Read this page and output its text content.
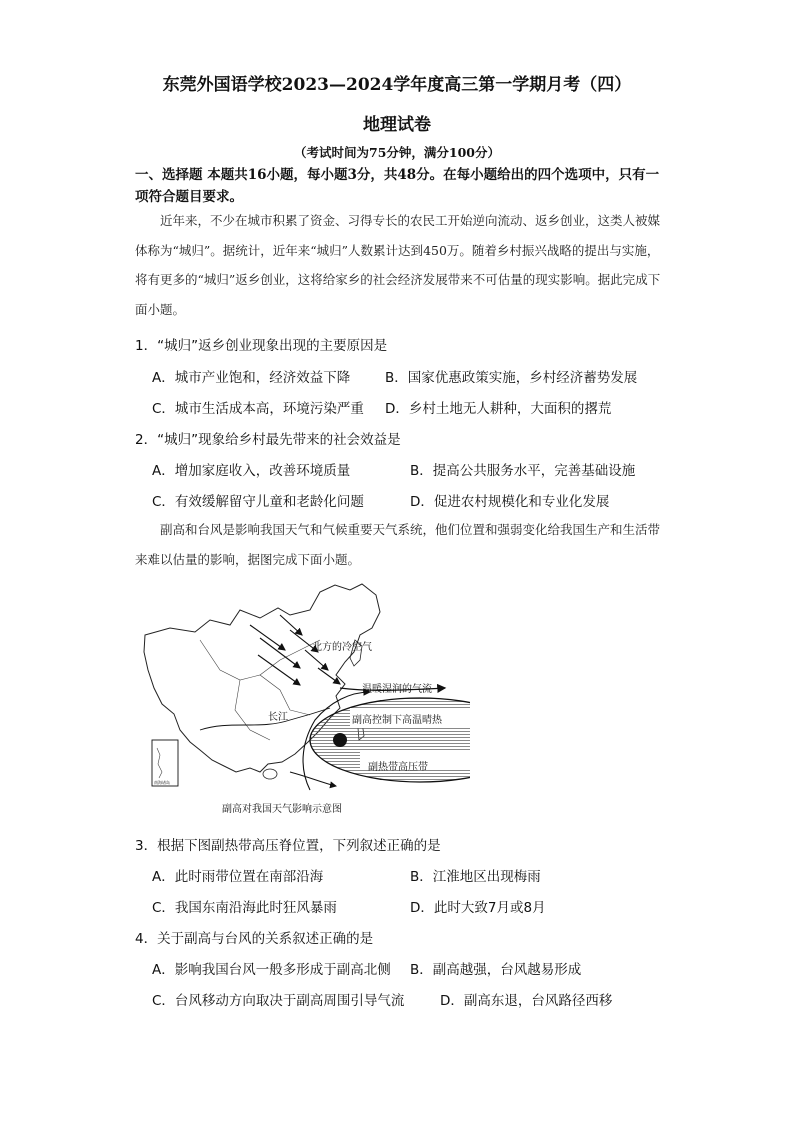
东莞外国语学校2023—2024学年度高三第一学期月考（四）
地理试卷
（考试时间为75分钟，满分100分）
一、选择题 本题共16小题，每小题3分，共48分。在每小题给出的四个选项中，只有一项符合题目要求。
近年来，不少在城市积累了资金、习得专长的农民工开始逆向流动、返乡创业，这类人被媒体称为“城归”。据统计，近年来“城归”人数累计达到450万。随着乡村振兴战略的提出与实施，将有更多的“城归”返乡创业，这将给家乡的社会经济发展带来不可估量的现实影响。据此完成下面小题。
1．“城归”返乡创业现象出现的主要原因是
A．城市产业饱和，经济效益下降	B．国家优惠政策实施，乡村经济蓄势发展
C．城市生活成本高，环境污染严重 D．乡村土地无人耕种，大面积的撂荒
2．“城归”现象给乡村最先带来的社会效益是
A．增加家庭收入，改善环境质量	B．提高公共服务水平，完善基础设施
C．有效缓解留守儿童和老龄化问题	D．促进农村规模化和专业化发展
副高和台风是影响我国天气和气候重要天气系统，他们位置和强弱变化给我国生产和生活带来难以估量的影响，据图完成下面小题。
南海诸岛
北方的冷空气
温暖湿润的气流
长江	副高控制下高温晴热
副热带高压带
副高对我国天气影响示意图
3．根据下图副热带高压脊位置，下列叙述正确的是
A．此时雨带位置在南部沿海	B．江淮地区出现梅雨
C．我国东南沿海此时狂风暴雨	D．此时大致7月或8月
4．关于副高与台风的关系叙述正确的是
A．影响我国台风一般多形成于副高北侧 B．副高越强，台风越易形成
C．台风移动方向取决于副高周围引导气流	D．副高东退，台风路径西移
